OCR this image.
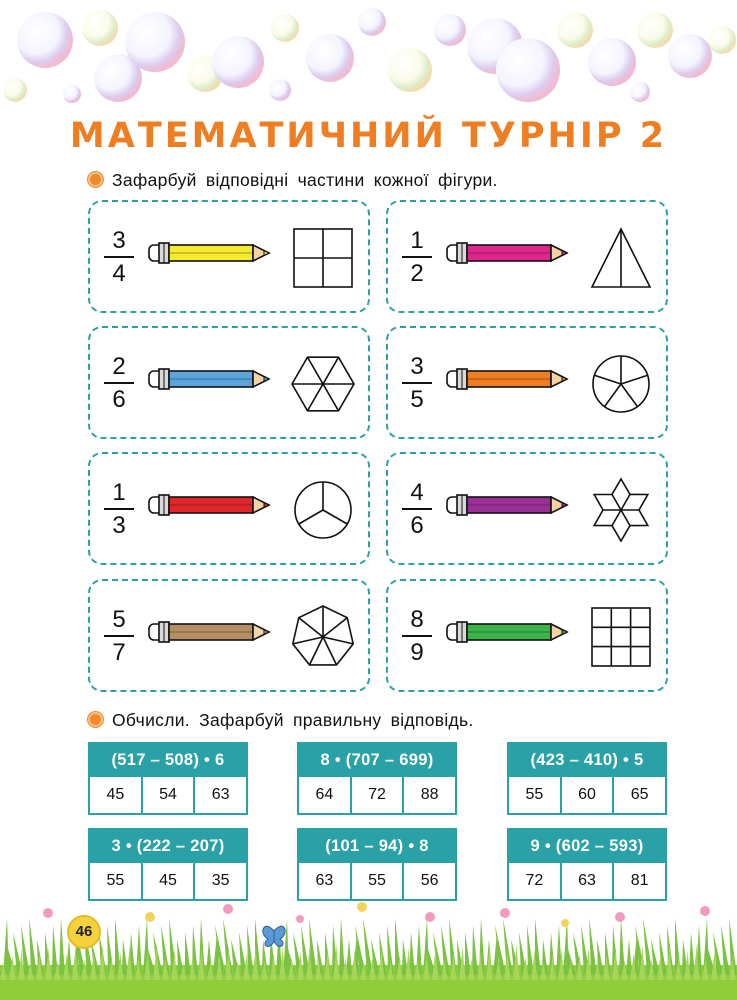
МАТЕМАТИЧНИЙ ТУРНІР 2
Зафарбуй відповідні частини кожної фігури.
3
4
1
2
2
6
3
5
1
3
4
6
5
7
8
9
Обчисли. Зафарбуй правильну відповідь.
(517 – 508) • 6
45	54	63
8 • (707 – 699)
64	72	88
(423 – 410) • 5
55	60	65
3 • (222 – 207)
55	45	35
(101 – 94) • 8
63	55	56
9 • (602 – 593)
72	63	81
46
